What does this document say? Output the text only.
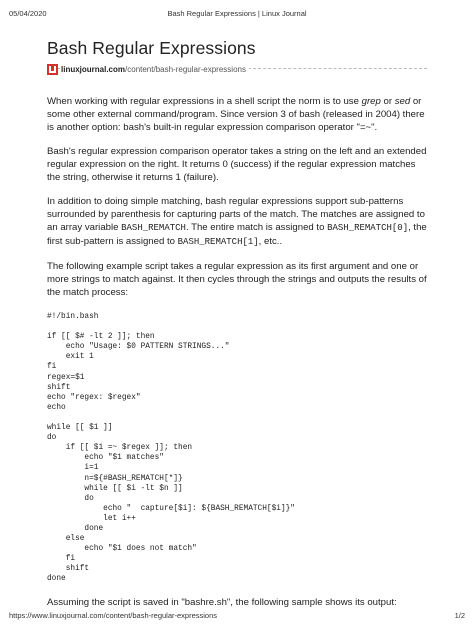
05/04/2020	Bash Regular Expressions | Linux Journal
Bash Regular Expressions
linuxjournal.com/content/bash-regular-expressions

When working with regular expressions in a shell script the norm is to use grep or sed or some other external command/program. Since version 3 of bash (released in 2004) there is another option: bash's built-in regular expression comparison operator "=~".

Bash's regular expression comparison operator takes a string on the left and an extended regular expression on the right. It returns 0 (success) if the regular expression matches the string, otherwise it returns 1 (failure).

In addition to doing simple matching, bash regular expressions support sub-patterns surrounded by parenthesis for capturing parts of the match. The matches are assigned to an array variable BASH_REMATCH. The entire match is assigned to BASH_REMATCH[0], the first sub-pattern is assigned to BASH_REMATCH[1], etc..

The following example script takes a regular expression as its first argument and one or more strings to match against. It then cycles through the strings and outputs the results of the match process:

#!/bin.bash

if [[ $# -lt 2 ]]; then
echo "Usage: $0 PATTERN STRINGS..."
exit 1
fi
regex=$1
shift
echo "regex: $regex"
echo

while [[ $1 ]]
do
if [[ $1 =~ $regex ]]; then
echo "$1 matches"
i=1
n=${#BASH_REMATCH[*]}
while [[ $i -lt $n ]]
do
echo "  capture[$i]: ${BASH_REMATCH[$i]}"
let i++
done
else
echo "$1 does not match"
fi
shift
done

Assuming the script is saved in "bashre.sh", the following sample shows its output:

https://www.linuxjournal.com/content/bash-regular-expressions	1/2
